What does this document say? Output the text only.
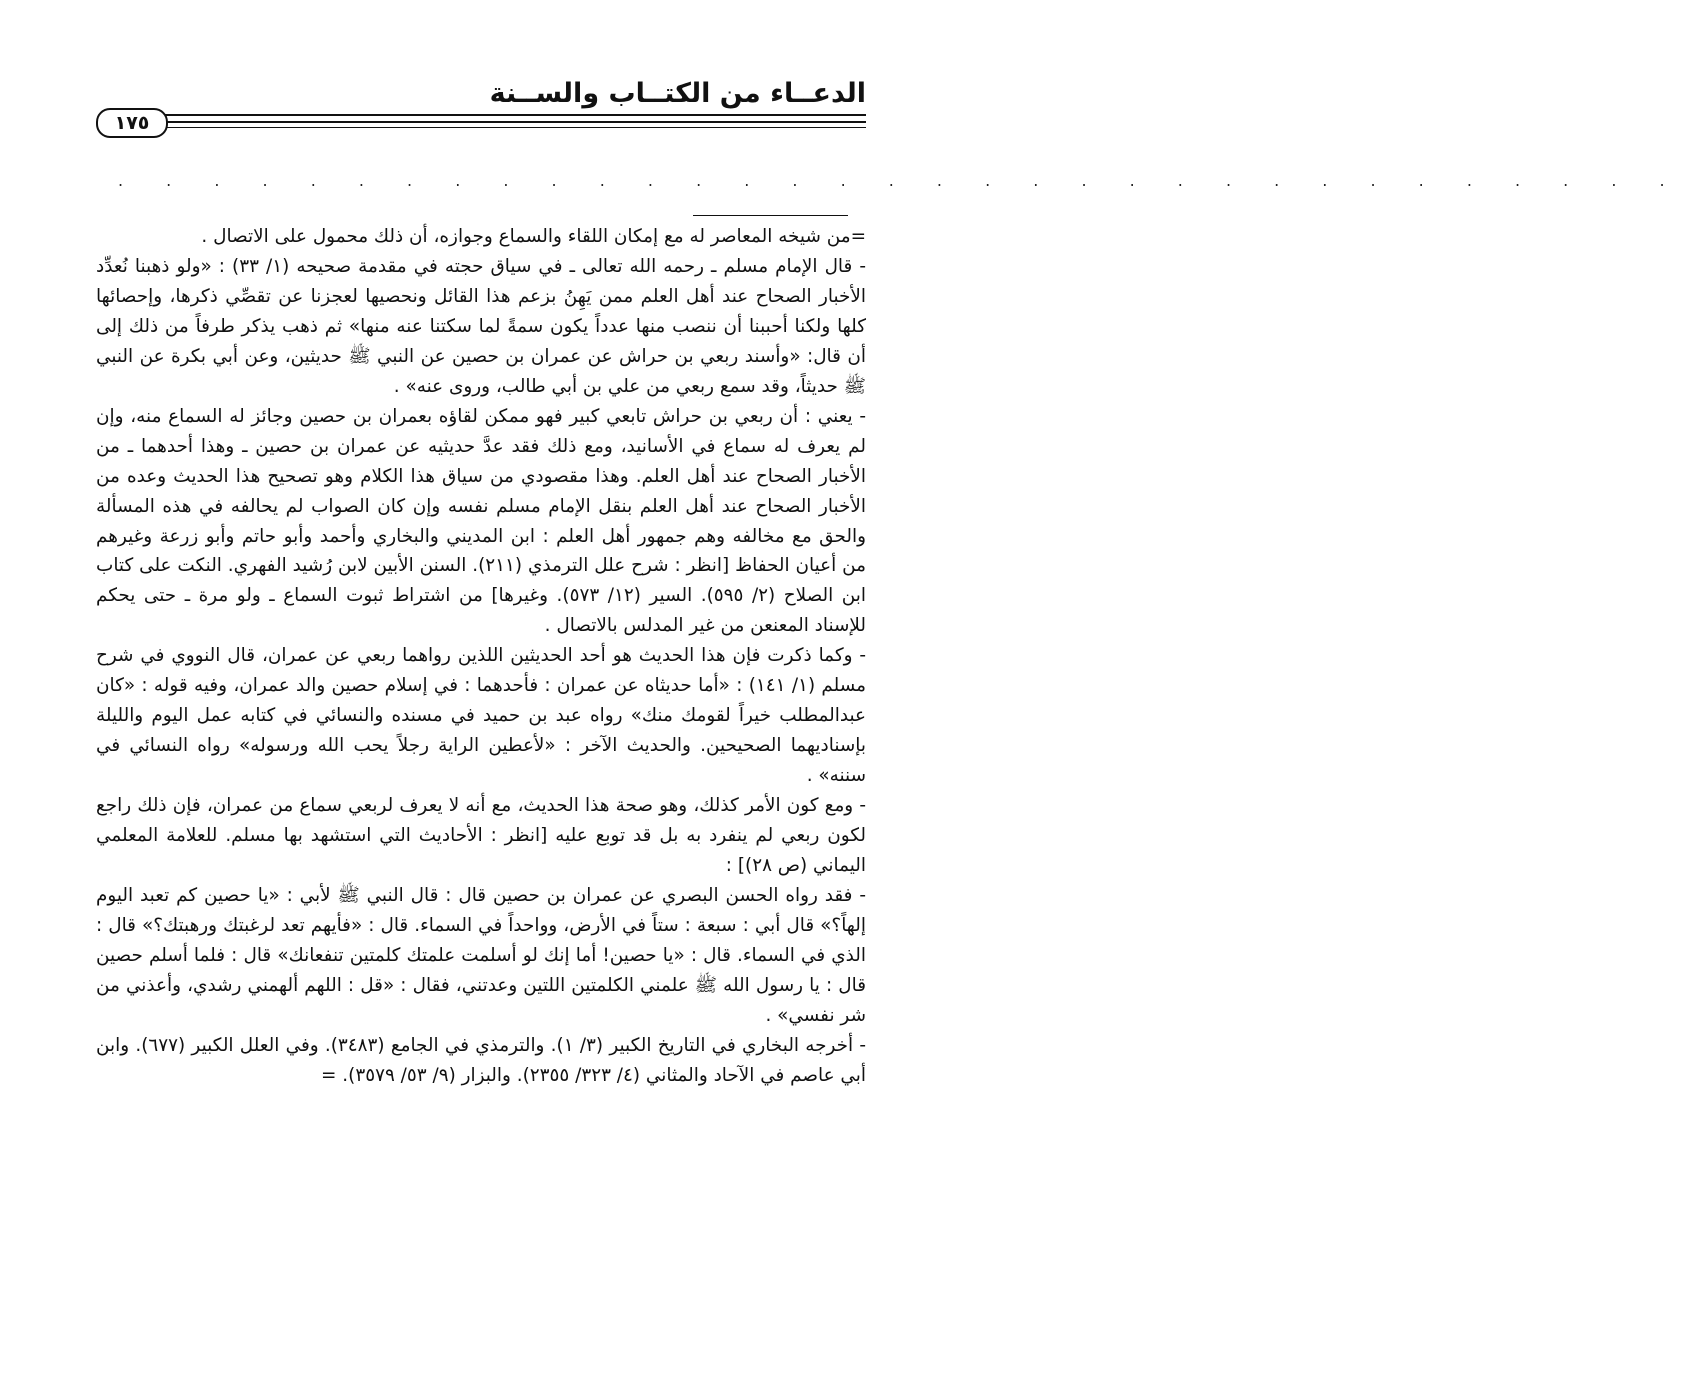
الدعــاء من الكتــاب والســنة
١٧٥
. . . . . . . . . . . . . . . . . . . . . . . . . . . . . . . . .

=من شيخه المعاصر له مع إمكان اللقاء والسماع وجوازه، أن ذلك محمول على الاتصال .

- قال الإمام مسلم ـ رحمه الله تعالى ـ في سياق حجته في مقدمة صحيحه (١/ ٣٣) : «ولو ذهبنا نُعدِّد الأخبار الصحاح عند أهل العلم ممن يَهِنُ بزعم هذا القائل ونحصيها لعجزنا عن تقصِّي ذكرها، وإحصائها كلها ولكنا أحببنا أن ننصب منها عدداً يكون سمةً لما سكتنا عنه منها» ثم ذهب يذكر طرفاً من ذلك إلى أن قال: «وأسند ربعي بن حراش عن عمران بن حصين عن النبي ﷺ حديثين، وعن أبي بكرة عن النبي ﷺ حديثاً، وقد سمع ربعي من علي بن أبي طالب، وروى عنه» .

- يعني : أن ربعي بن حراش تابعي كبير فهو ممكن لقاؤه بعمران بن حصين وجائز له السماع منه، وإن لم يعرف له سماع في الأسانيد، ومع ذلك فقد عدَّ حديثيه عن عمران بن حصين ـ وهذا أحدهما ـ من الأخبار الصحاح عند أهل العلم. وهذا مقصودي من سياق هذا الكلام وهو تصحيح هذا الحديث وعده من الأخبار الصحاح عند أهل العلم بنقل الإمام مسلم نفسه وإن كان الصواب لم يحالفه في هذه المسألة والحق مع مخالفه وهم جمهور أهل العلم : ابن المديني والبخاري وأحمد وأبو حاتم وأبو زرعة وغيرهم من أعيان الحفاظ [انظر : شرح علل الترمذي (٢١١). السنن الأبين لابن رُشيد الفهري. النكت على كتاب ابن الصلاح (٢/ ٥٩٥). السير (١٢/ ٥٧٣). وغيرها] من اشتراط ثبوت السماع ـ ولو مرة ـ حتى يحكم للإسناد المعنعن من غير المدلس بالاتصال .

- وكما ذكرت فإن هذا الحديث هو أحد الحديثين اللذين رواهما ربعي عن عمران، قال النووي في شرح مسلم (١/ ١٤١) : «أما حديثاه عن عمران : فأحدهما : في إسلام حصين والد عمران، وفيه قوله : «كان عبدالمطلب خيراً لقومك منك» رواه عبد بن حميد في مسنده والنسائي في كتابه عمل اليوم والليلة بإسناديهما الصحيحين. والحديث الآخر : «لأعطين الراية رجلاً يحب الله ورسوله» رواه النسائي في سننه» .

- ومع كون الأمر كذلك، وهو صحة هذا الحديث، مع أنه لا يعرف لربعي سماع من عمران، فإن ذلك راجع لكون ربعي لم ينفرد به بل قد توبع عليه [انظر : الأحاديث التي استشهد بها مسلم. للعلامة المعلمي اليماني (ص ٢٨)] :

- فقد رواه الحسن البصري عن عمران بن حصين قال : قال النبي ﷺ لأبي : «يا حصين كم تعبد اليوم إلهاً؟» قال أبي : سبعة : ستاً في الأرض، وواحداً في السماء. قال : «فأيهم تعد لرغبتك ورهبتك؟» قال : الذي في السماء. قال : «يا حصين! أما إنك لو أسلمت علمتك كلمتين تنفعانك» قال : فلما أسلم حصين قال : يا رسول الله ﷺ علمني الكلمتين اللتين وعدتني، فقال : «قل : اللهم ألهمني رشدي، وأعذني من شر نفسي» .

- أخرجه البخاري في التاريخ الكبير (٣/ ١). والترمذي في الجامع (٣٤٨٣). وفي العلل الكبير (٦٧٧). وابن أبي عاصم في الآحاد والمثاني (٤/ ٣٢٣/ ٢٣٥٥). والبزار (٩/ ٥٣/ ٣٥٧٩). =
